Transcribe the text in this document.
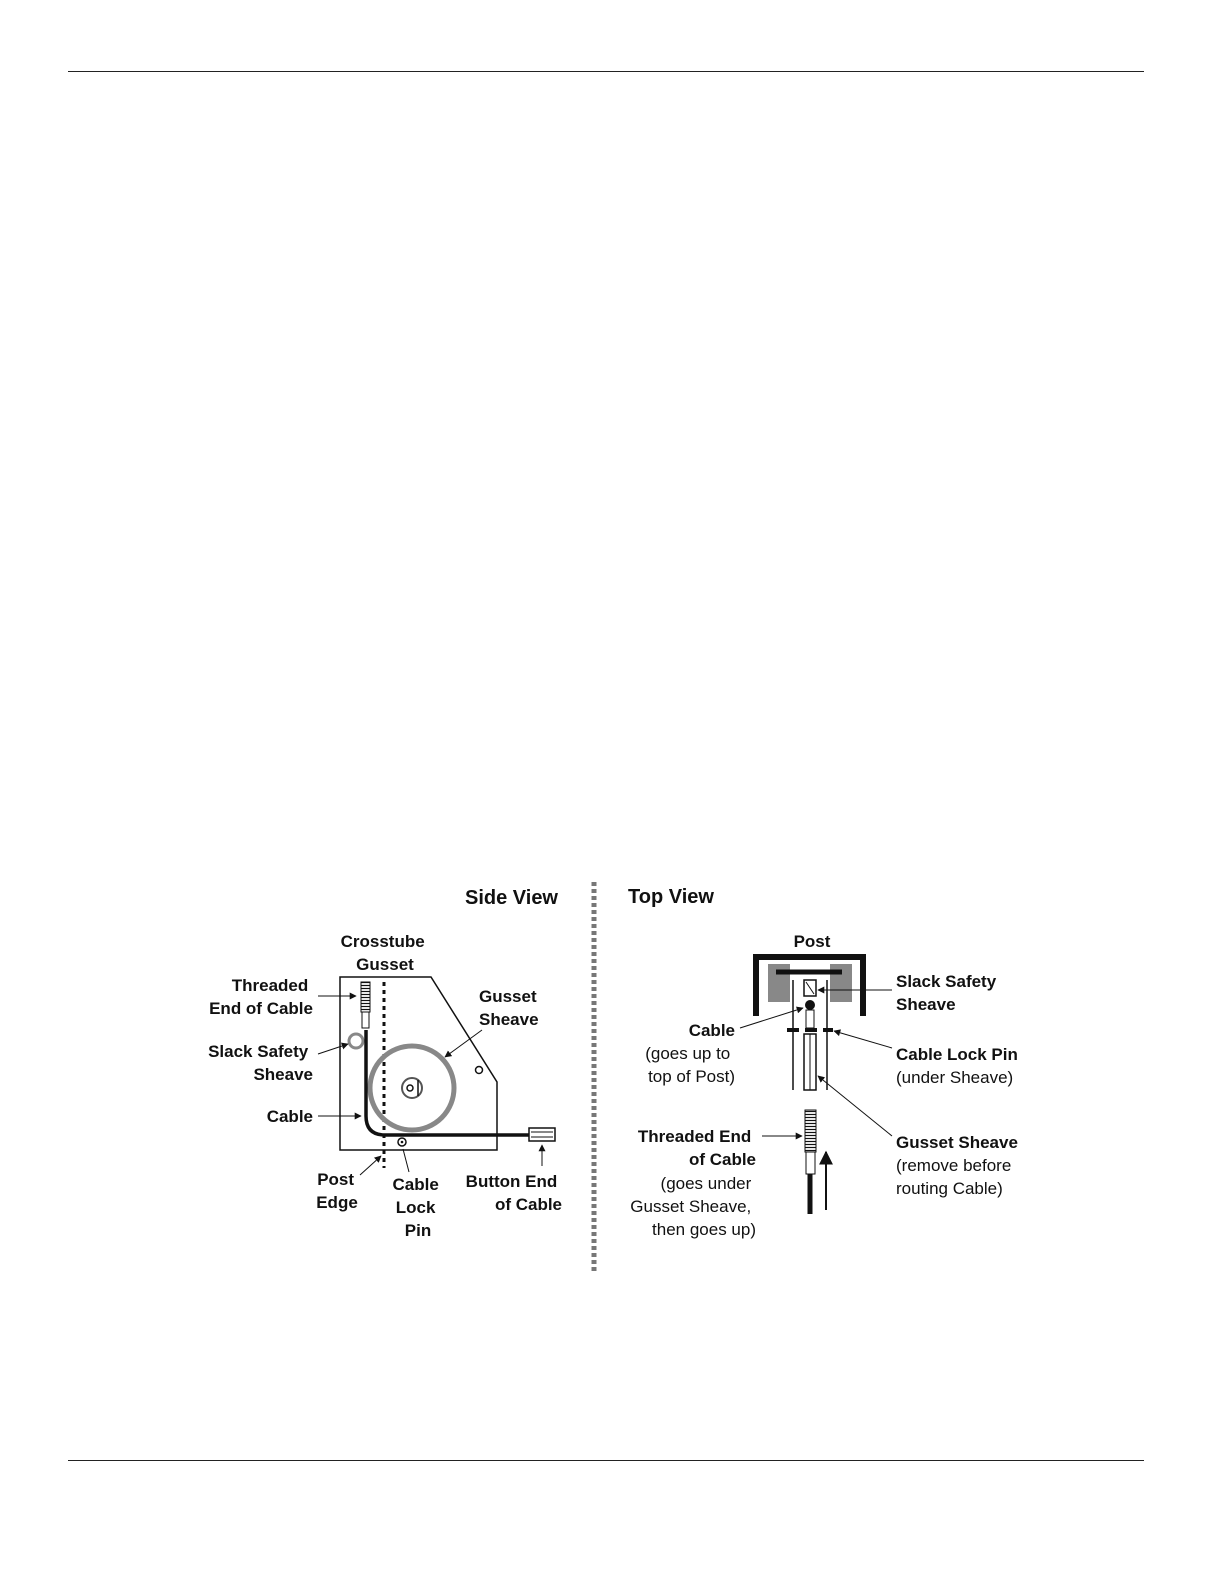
Side View
Crosstube Gusset
Threaded End of Cable
Slack Safety Sheave
Cable
Gusset Sheave
Post Edge
Cable Lock Pin
Button End of Cable
Top View
Post
Slack Safety Sheave
Cable
(goes up to top of Post)
Cable Lock Pin
(under Sheave)
Threaded End of Cable
(goes under Gusset Sheave, then goes up)
Gusset Sheave
(remove before routing Cable)
